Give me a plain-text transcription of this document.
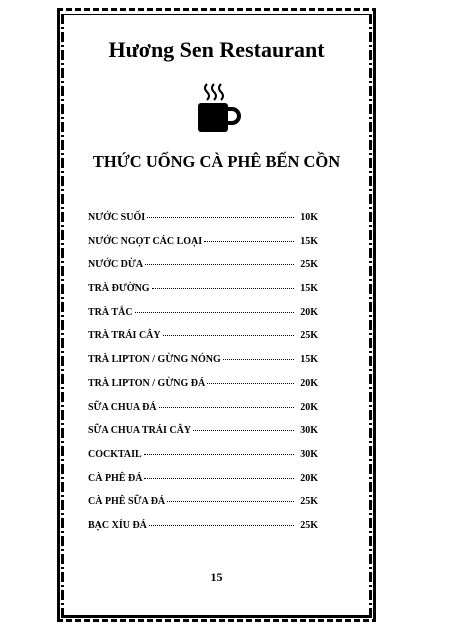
Hương Sen Restaurant
THỨC UỐNG CÀ PHÊ BẾN CỒN
NƯỚC SUỐI	10K
NƯỚC NGỌT CÁC LOẠI	15K
NƯỚC DỪA	25K
TRÀ ĐƯỜNG	15K
TRÀ TẮC	20K
TRÀ TRÁI CÂY	25K
TRÀ LIPTON / GỪNG NÓNG	15K
TRÀ LIPTON / GỪNG ĐÁ	20K
SỮA CHUA ĐÁ	20K
SỮA CHUA TRÁI CÂY	30K
COCKTAIL	30K
CÀ PHÊ ĐÁ	20K
CÀ PHÊ SỮA ĐÁ	25K
BẠC XỈU ĐÁ	25K
15
